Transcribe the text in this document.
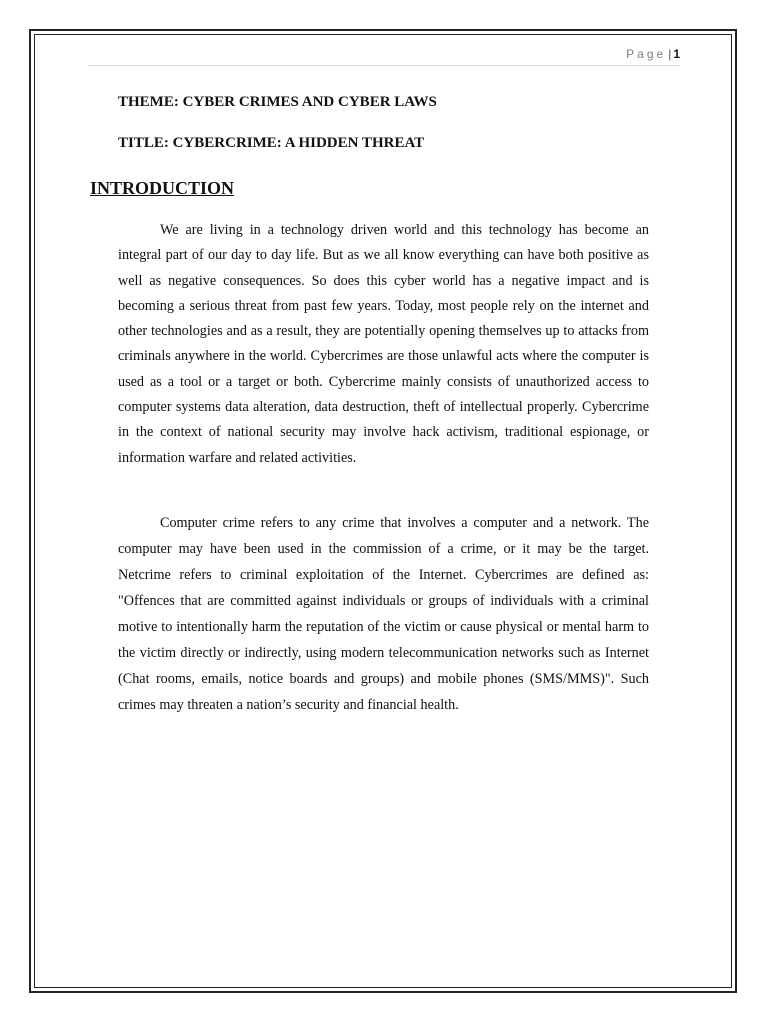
Page | 1
THEME: CYBER CRIMES AND CYBER LAWS
TITLE: CYBERCRIME: A HIDDEN THREAT
INTRODUCTION

We are living in a technology driven world and this technology has become an integral part of our day to day life. But as we all know everything can have both positive as well as negative consequences. So does this cyber world has a negative impact and is becoming a serious threat from past few years. Today, most people rely on the internet and other technologies and as a result, they are potentially opening themselves up to attacks from criminals anywhere in the world. Cybercrimes are those unlawful acts where the computer is used as a tool or a target or both. Cybercrime mainly consists of unauthorized access to computer systems data alteration, data destruction, theft of intellectual properly. Cybercrime in the context of national security may involve hack activism, traditional espionage, or information warfare and related activities.

Computer crime refers to any crime that involves a computer and a network. The computer may have been used in the commission of a crime, or it may be the target. Netcrime refers to criminal exploitation of the Internet. Cybercrimes are defined as: "Offences that are committed against individuals or groups of individuals with a criminal motive to intentionally harm the reputation of the victim or cause physical or mental harm to the victim directly or indirectly, using modern telecommunication networks such as Internet (Chat rooms, emails, notice boards and groups) and mobile phones (SMS/MMS)". Such crimes may threaten a nation’s security and financial health.
